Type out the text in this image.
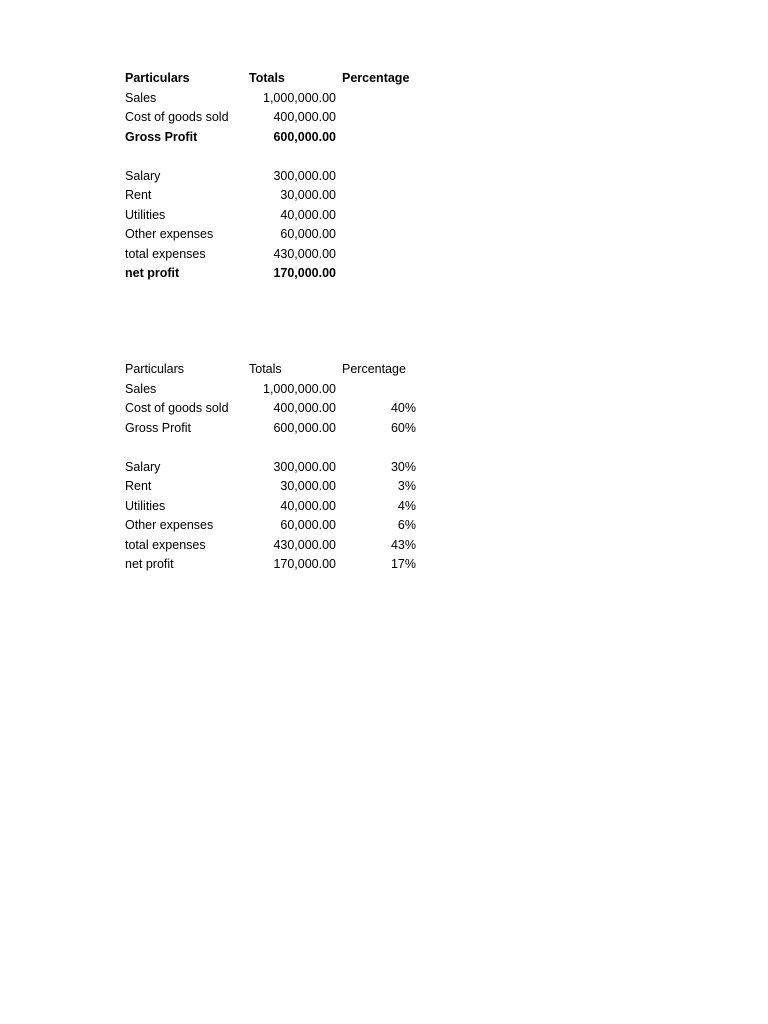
Particulars	Totals	Percentage
Sales	1,000,000.00
Cost of goods sold	400,000.00
Gross Profit	600,000.00
Salary	300,000.00
Rent	30,000.00
Utilities	40,000.00
Other expenses	60,000.00
total expenses	430,000.00
net profit	170,000.00
Particulars	Totals	Percentage
Sales	1,000,000.00
Cost of goods sold	400,000.00	40%
Gross Profit	600,000.00	60%
Salary	300,000.00	30%
Rent	30,000.00	3%
Utilities	40,000.00	4%
Other expenses	60,000.00	6%
total expenses	430,000.00	43%
net profit	170,000.00	17%
